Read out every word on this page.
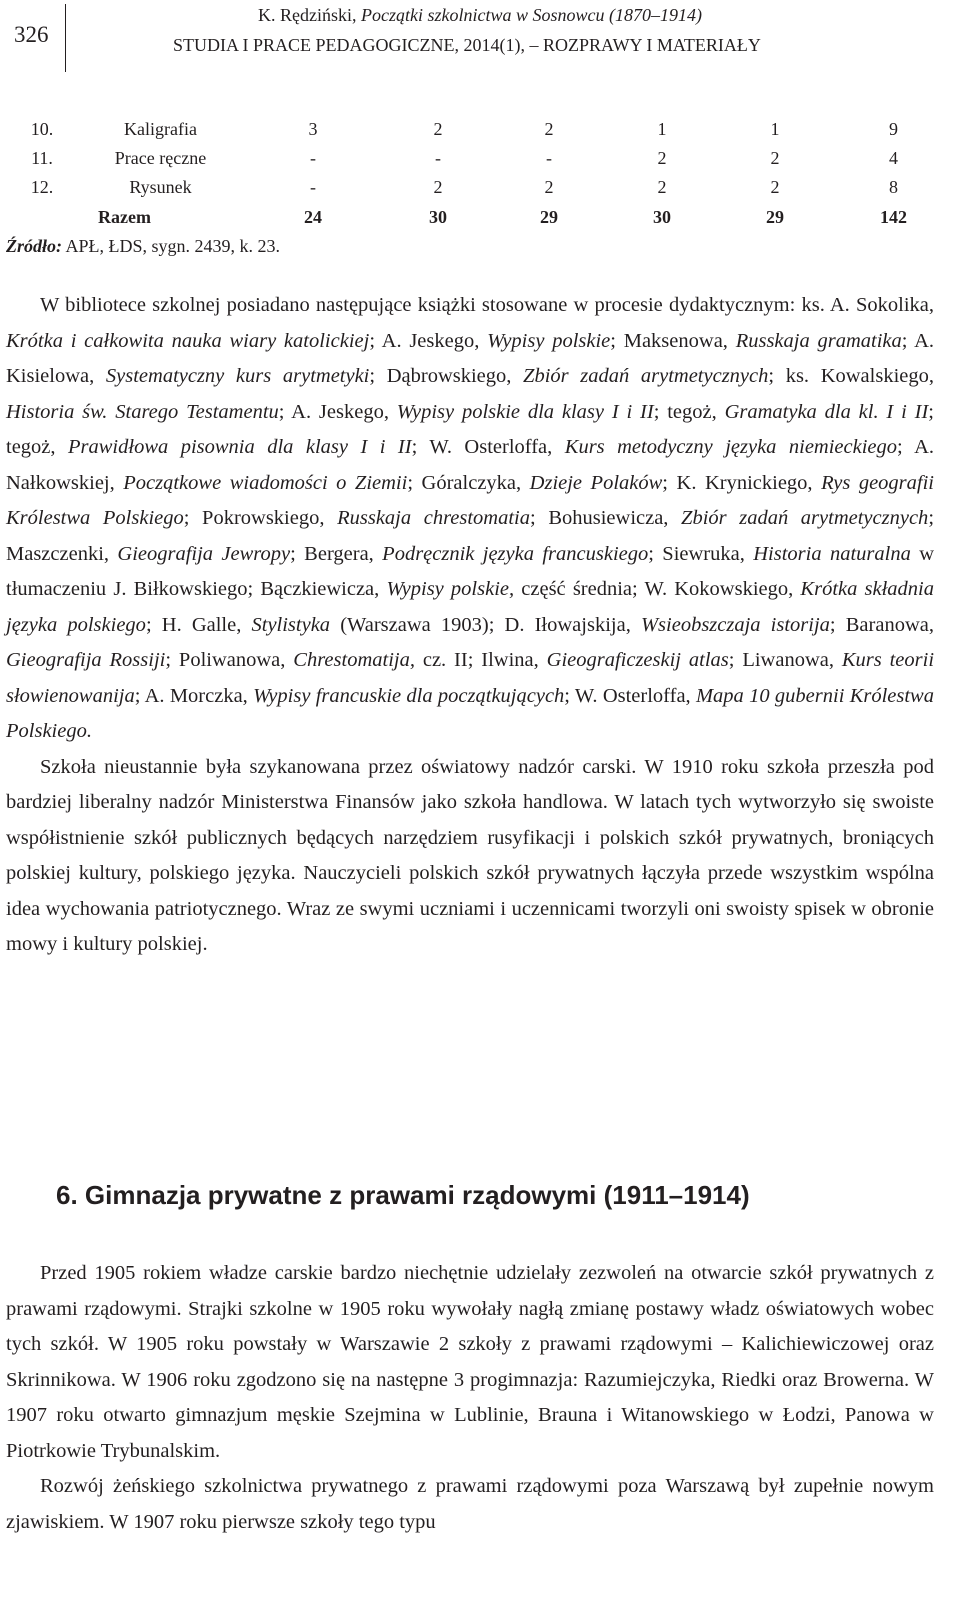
326
K. Rędziński, Początki szkolnictwa w Sosnowcu (1870–1914)
STUDIA I PRACE PEDAGOGICZNE, 2014(1), – ROZPRAWY I MATERIAŁY
10.	Kaligrafia	3	2	2	1	1	9
11.	Prace ręczne	-	-	-	2	2	4
12.	Rysunek	-	2	2	2	2	8
Razem		24	30	29	30	29	142
Źródło: APŁ, ŁDS, sygn. 2439, k. 23.

W bibliotece szkolnej posiadano następujące książki stosowane w procesie dydaktycznym: ks. A. Sokolika, Krótka i całkowita nauka wiary katolickiej; A. Jeskego, Wypisy polskie; Maksenowa, Russkaja gramatika; A. Kisielowa, Systematyczny kurs arytmetyki; Dąbrowskiego, Zbiór zadań arytmetycznych; ks. Kowalskiego, Historia św. Starego Testamentu; A. Jeskego, Wypisy polskie dla klasy I i II; tegoż, Gramatyka dla kl. I i II; tegoż, Prawidłowa pisownia dla klasy I i II; W. Osterloffa, Kurs metodyczny języka niemieckiego; A. Nałkowskiej, Początkowe wiadomości o Ziemii; Góralczyka, Dzieje Polaków; K. Krynickiego, Rys geografii Królestwa Polskiego; Pokrowskiego, Russkaja chrestomatia; Bohusiewicza, Zbiór zadań arytmetycznych; Maszczenki, Gieografija Jewropy; Bergera, Podręcznik języka francuskiego; Siewruka, Historia naturalna w tłumaczeniu J. Biłkowskiego; Bączkiewicza, Wypisy polskie, część średnia; W. Kokowskiego, Krótka składnia języka polskiego; H. Galle, Stylistyka (Warszawa 1903); D. Iłowajskija, Wsieobszczaja istorija; Baranowa, Gieografija Rossiji; Poliwanowa, Chrestomatija, cz. II; Ilwina, Gieograficzeskij atlas; Liwanowa, Kurs teorii słowienowanija; A. Morczka, Wypisy francuskie dla początkujących; W. Osterloffa, Mapa 10 gubernii Królestwa Polskiego.

Szkoła nieustannie była szykanowana przez oświatowy nadzór carski. W 1910 roku szkoła przeszła pod bardziej liberalny nadzór Ministerstwa Finansów jako szkoła handlowa. W latach tych wytworzyło się swoiste współistnienie szkół publicznych będących narzędziem rusyfikacji i polskich szkół prywatnych, broniących polskiej kultury, polskiego języka. Nauczycieli polskich szkół prywatnych łączyła przede wszystkim wspólna idea wychowania patriotycznego. Wraz ze swymi uczniami i uczennicami tworzyli oni swoisty spisek w obronie mowy i kultury polskiej.

6. Gimnazja prywatne z prawami rządowymi (1911–1914)

Przed 1905 rokiem władze carskie bardzo niechętnie udzielały zezwoleń na otwarcie szkół prywatnych z prawami rządowymi. Strajki szkolne w 1905 roku wywołały nagłą zmianę postawy władz oświatowych wobec tych szkół. W 1905 roku powstały w Warszawie 2 szkoły z prawami rządowymi – Kalichiewiczowej oraz Skrinnikowa. W 1906 roku zgodzono się na następne 3 progimnazja: Razumiejczyka, Riedki oraz Browerna. W 1907 roku otwarto gimnazjum męskie Szejmina w Lublinie, Brauna i Witanowskiego w Łodzi, Panowa w Piotrkowie Trybunalskim.

Rozwój żeńskiego szkolnictwa prywatnego z prawami rządowymi poza Warszawą był zupełnie nowym zjawiskiem. W 1907 roku pierwsze szkoły tego typu
